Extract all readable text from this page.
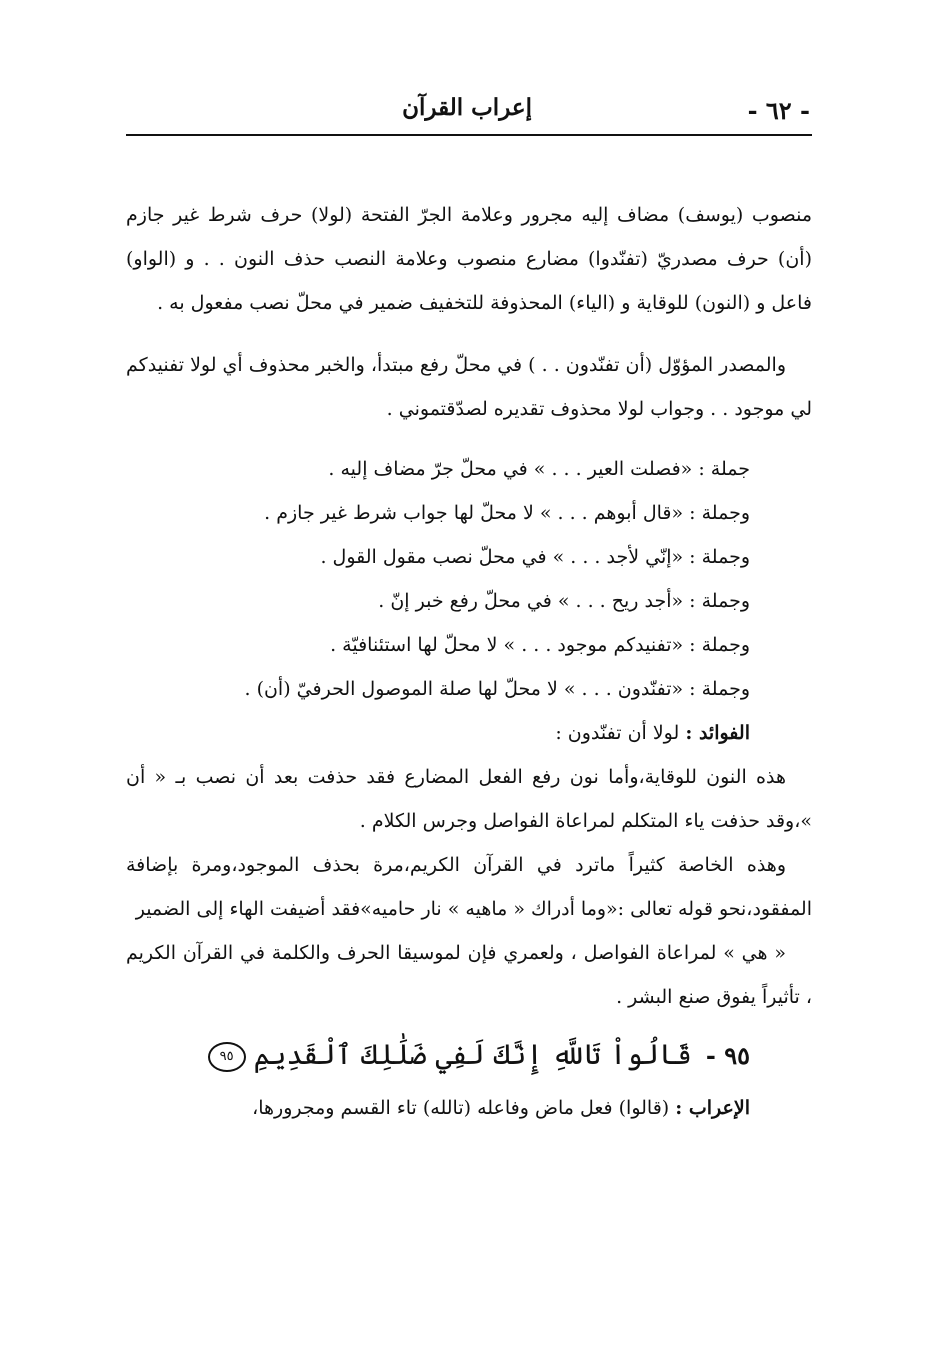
- ٦٢ -
إعراب القرآن

منصوب (يوسف) مضاف إليه مجرور وعلامة الجرّ الفتحة (لولا) حرف شرط غير جازم (أن) حرف مصدريّ (تفنّدوا) مضارع منصوب وعلامة النصب حذف النون . . و (الواو) فاعل و (النون) للوقاية و (الياء) المحذوفة للتخفيف ضمير في محلّ نصب مفعول به .

والمصدر المؤوّل (أن تفنّدون . . ) في محلّ رفع مبتدأ، والخبر محذوف أي لولا تفنيدكم لي موجود . . وجواب لولا محذوف تقديره لصدّقتموني .

جملة : «فصلت العير . . . » في محلّ جرّ مضاف إليه .
وجملة : «قال أبوهم . . . » لا محلّ لها جواب شرط غير جازم .
وجملة : «إنّي لأجد . . . » في محلّ نصب مقول القول .
وجملة : «أجد ريح . . . » في محلّ رفع خبر إنّ .
وجملة : «تفنيدكم موجود . . . » لا محلّ لها استئنافيّة .
وجملة : «تفنّدون . . . » لا محلّ لها صلة الموصول الحرفيّ (أن) .

الفوائد : لولا أن تفنّدون :

هذه النون للوقاية،وأما نون رفع الفعل المضارع فقد حذفت بعد أن نصب بـ « أن »،وقد حذفت ياء المتكلم لمراعاة الفواصل وجرس الكلام .

وهذه الخاصة كثيراً ماترد في القرآن الكريم،مرة بحذف الموجود،ومرة بإضافة المفقود،نحو قوله تعالى :«وما أدراك « ماهيه » نار حاميه»فقد أضيفت الهاء إلى الضمير

« هي » لمراعاة الفواصل ، ولعمري فإن لموسيقا الحرف والكلمة في القرآن الكريم ، تأثيراً يفوق صنع البشر .

٩٥ -قَالُواْ تَاللَّهِ إِنَّكَ لَفِي ضَلَٰلِكَ ٱلْقَدِيمِ٩٥

الإعراب : (قالوا) فعل ماض وفاعله (تالله) تاء القسم ومجرورها،
